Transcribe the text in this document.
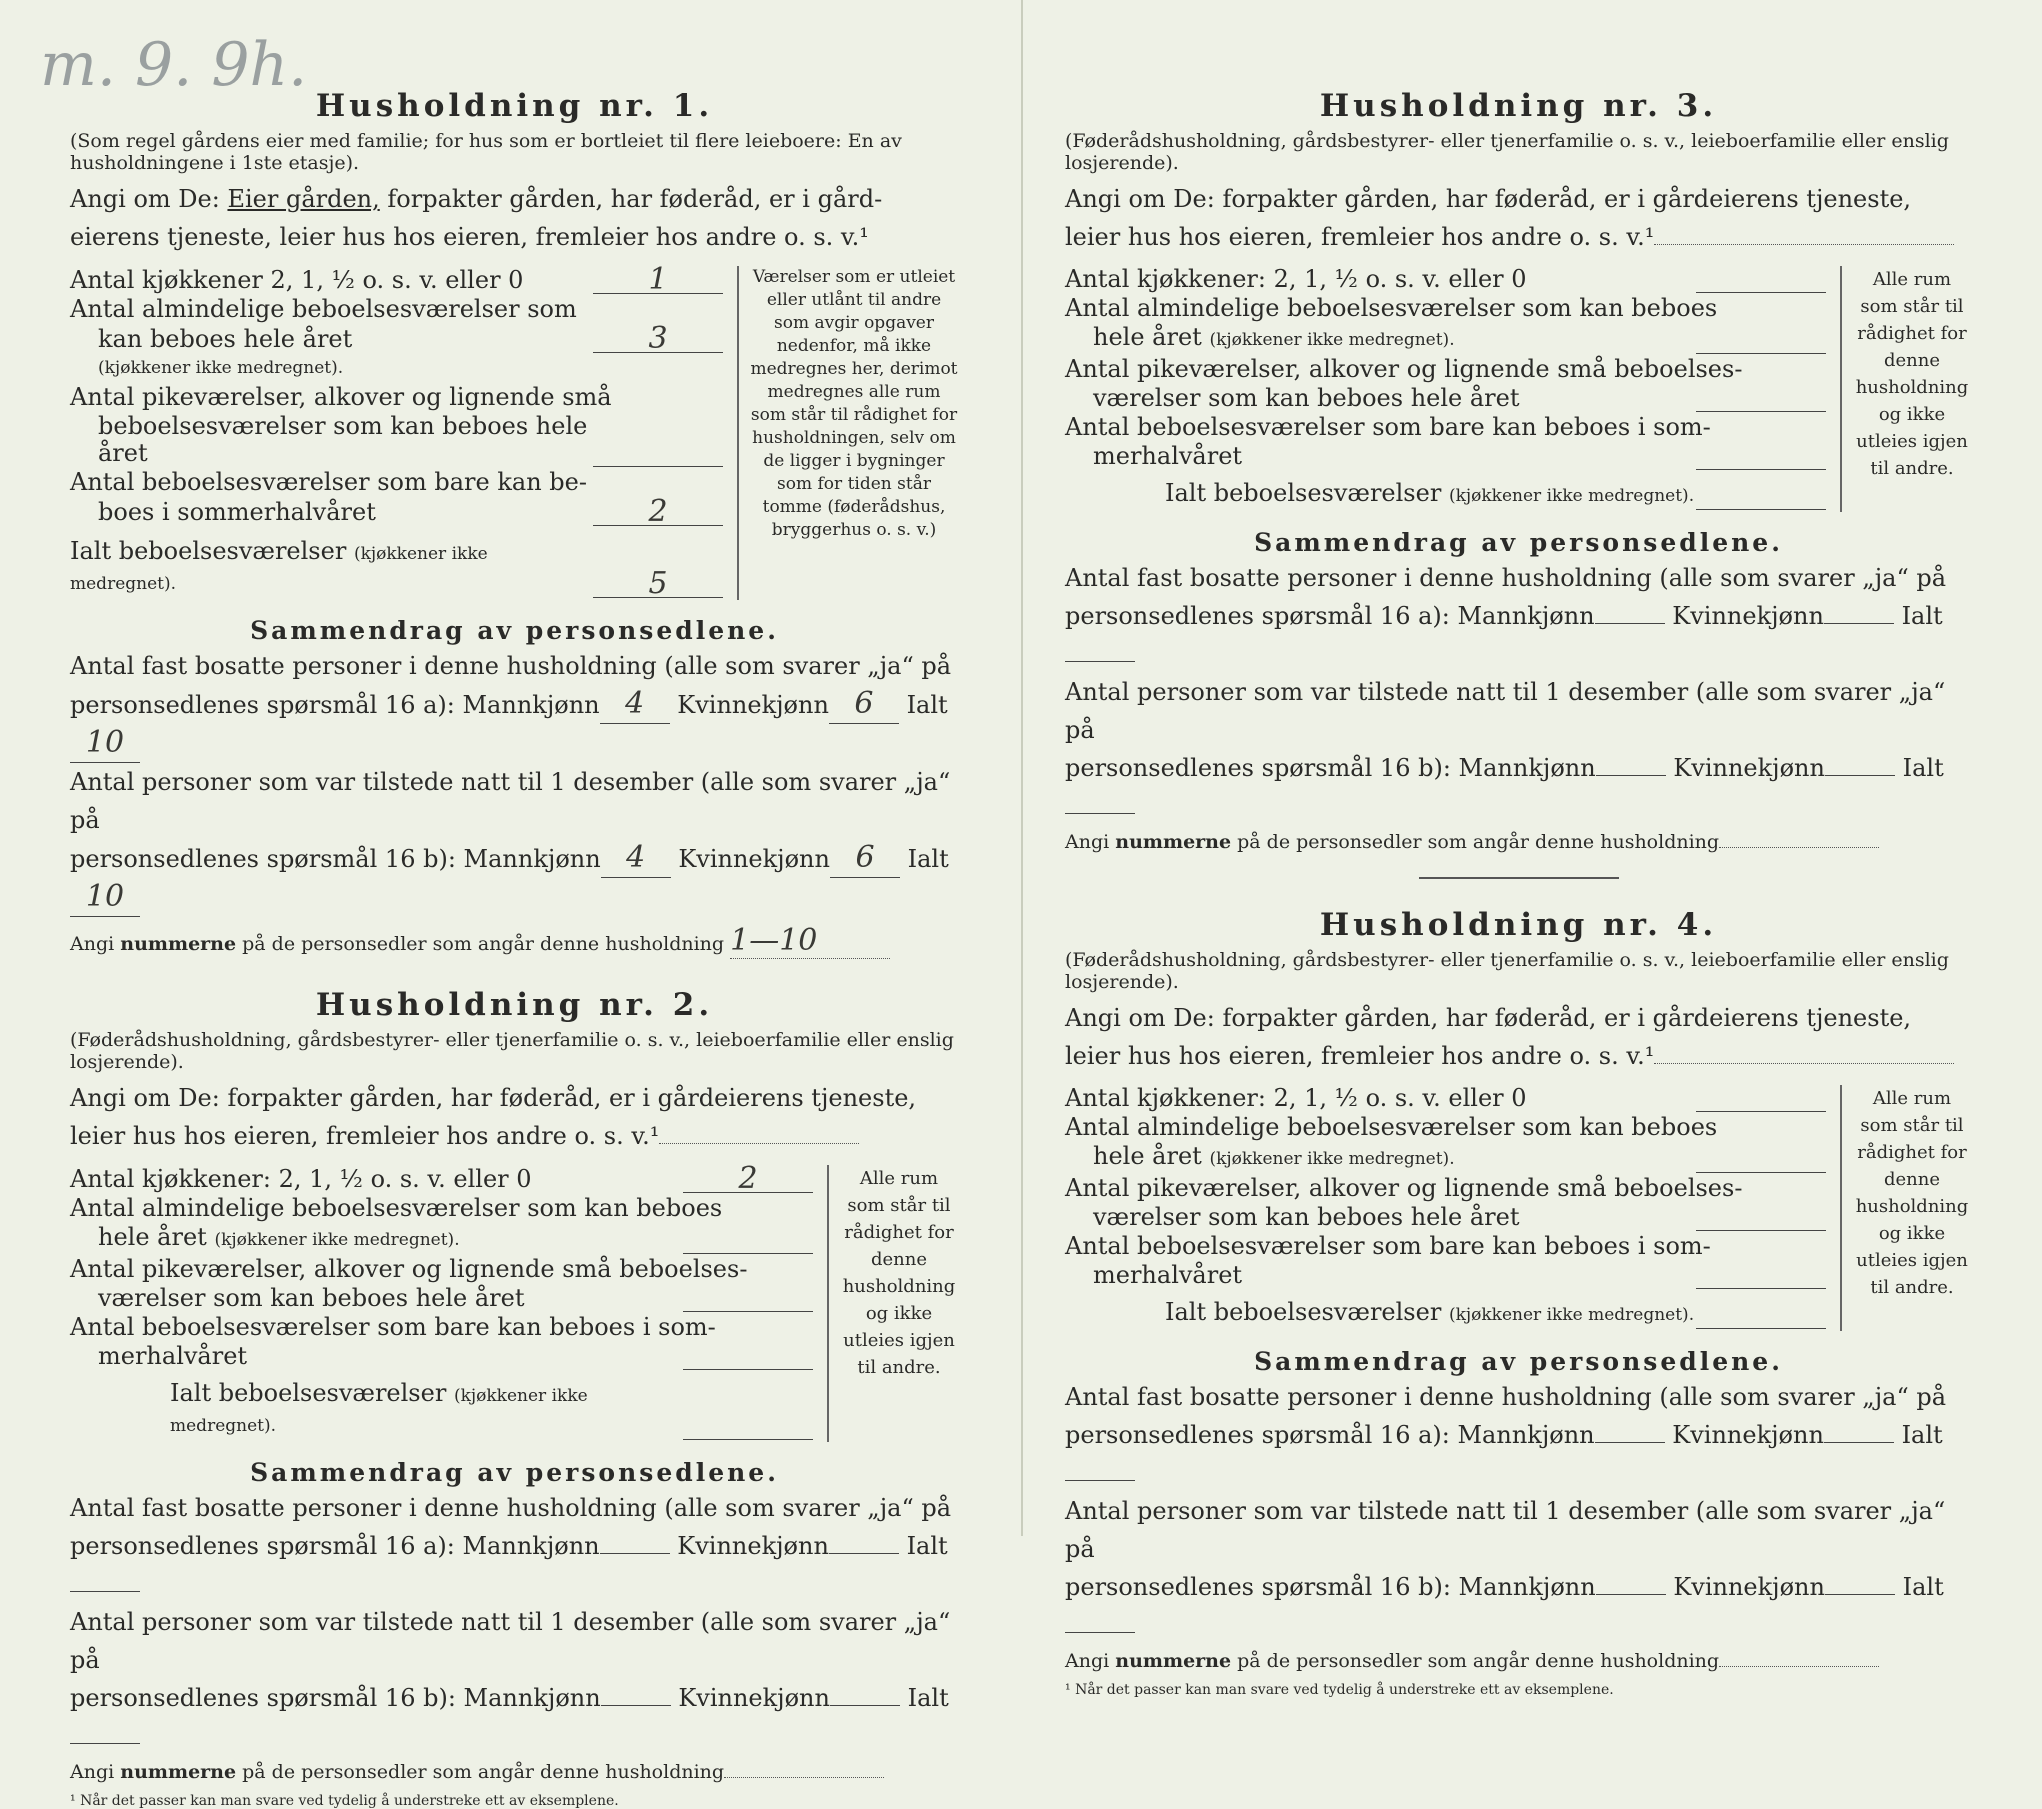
m. 9. 9h.
Husholdning nr. 1.

(Som regel gårdens eier med familie; for hus som er bortleiet til flere leieboere: En av husholdningene i 1ste etasje).

Angi om De: Eier gården, forpakter gården, har føderåd, er i gård-
eierens tjeneste, leier hus hos eieren, fremleier hos andre o. s. v.¹
Antal kjøkkener 2, 1, ½ o. s. v. eller 0	1
Antal almindelige beboelsesværelser som
kan beboes hele året	3
(kjøkkener ikke medregnet).
Antal pikeværelser, alkover og lignende små
beboelsesværelser som kan beboes hele året
Antal beboelsesværelser som bare kan be-
boes i sommerhalvåret	2
Ialt beboelsesværelser (kjøkkener ikke medregnet).	5
Værelser som er utleiet eller utlånt til andre som avgir opgaver nedenfor, må ikke medregnes her, derimot medregnes alle rum som står til rådighet for husholdningen, selv om de ligger i bygninger som for tiden står tomme (føderådshus, bryggerhus o. s. v.)
Sammendrag av personsedlene.
Antal fast bosatte personer i denne husholdning (alle som svarer „ja“ på
personsedlenes spørsmål 16 a): Mannkjønn 4 Kvinnekjønn 6 Ialt10
Antal personer som var tilstede natt til 1 desember (alle som svarer „ja“ på
personsedlenes spørsmål 16 b): Mannkjønn 4 Kvinnekjønn 6 Ialt10
Angi nummerne på de personsedler som angår denne husholdning 1—10
Husholdning nr. 2.

(Føderådshusholdning, gårdsbestyrer- eller tjenerfamilie o. s. v., leieboerfamilie eller enslig losjerende).

Angi om De: forpakter gården, har føderåd, er i gårdeierens tjeneste,
leier hus hos eieren, fremleier hos andre o. s. v.¹
Antal kjøkkener: 2, 1, ½ o. s. v. eller 0	2
Antal almindelige beboelsesværelser som kan beboes
hele året (kjøkkener ikke medregnet).
Antal pikeværelser, alkover og lignende små beboelses-
værelser som kan beboes hele året
Antal beboelsesværelser som bare kan beboes i som-
merhalvåret
Ialt beboelsesværelser (kjøkkener ikke medregnet).
Alle rum som står til rådighet for denne husholdning og ikke utleies igjen til andre.
Sammendrag av personsedlene.
Antal fast bosatte personer i denne husholdning (alle som svarer „ja“ på
personsedlenes spørsmål 16 a): Mannkjønn	Kvinnekjønn	Ialt
Antal personer som var tilstede natt til 1 desember (alle som svarer „ja“ på
personsedlenes spørsmål 16 b): Mannkjønn	Kvinnekjønn	Ialt
Angi nummerne på de personsedler som angår denne husholdning
¹ Når det passer kan man svare ved tydelig å understreke ett av eksemplene.
Husholdning nr. 3.

(Føderådshusholdning, gårdsbestyrer- eller tjenerfamilie o. s. v., leieboerfamilie eller enslig losjerende).

Angi om De: forpakter gården, har føderåd, er i gårdeierens tjeneste,
leier hus hos eieren, fremleier hos andre o. s. v.¹
Antal kjøkkener: 2, 1, ½ o. s. v. eller 0
Antal almindelige beboelsesværelser som kan beboes
hele året (kjøkkener ikke medregnet).
Antal pikeværelser, alkover og lignende små beboelses-
værelser som kan beboes hele året
Antal beboelsesværelser som bare kan beboes i som-
merhalvåret
Ialt beboelsesværelser (kjøkkener ikke medregnet).
Alle rum som står til rådighet for denne husholdning og ikke utleies igjen til andre.
Sammendrag av personsedlene.
Antal fast bosatte personer i denne husholdning (alle som svarer „ja“ på
personsedlenes spørsmål 16 a): Mannkjønn	Kvinnekjønn	Ialt
Antal personer som var tilstede natt til 1 desember (alle som svarer „ja“ på
personsedlenes spørsmål 16 b): Mannkjønn	Kvinnekjønn	Ialt
Angi nummerne på de personsedler som angår denne husholdning
Husholdning nr. 4.

(Føderådshusholdning, gårdsbestyrer- eller tjenerfamilie o. s. v., leieboerfamilie eller enslig losjerende).

Angi om De: forpakter gården, har føderåd, er i gårdeierens tjeneste,
leier hus hos eieren, fremleier hos andre o. s. v.¹
Antal kjøkkener: 2, 1, ½ o. s. v. eller 0
Antal almindelige beboelsesværelser som kan beboes
hele året (kjøkkener ikke medregnet).
Antal pikeværelser, alkover og lignende små beboelses-
værelser som kan beboes hele året
Antal beboelsesværelser som bare kan beboes i som-
merhalvåret
Ialt beboelsesværelser (kjøkkener ikke medregnet).
Alle rum som står til rådighet for denne husholdning og ikke utleies igjen til andre.
Sammendrag av personsedlene.
Antal fast bosatte personer i denne husholdning (alle som svarer „ja“ på
personsedlenes spørsmål 16 a): Mannkjønn	Kvinnekjønn	Ialt
Antal personer som var tilstede natt til 1 desember (alle som svarer „ja“ på
personsedlenes spørsmål 16 b): Mannkjønn	Kvinnekjønn	Ialt
Angi nummerne på de personsedler som angår denne husholdning
¹ Når det passer kan man svare ved tydelig å understreke ett av eksemplene.
